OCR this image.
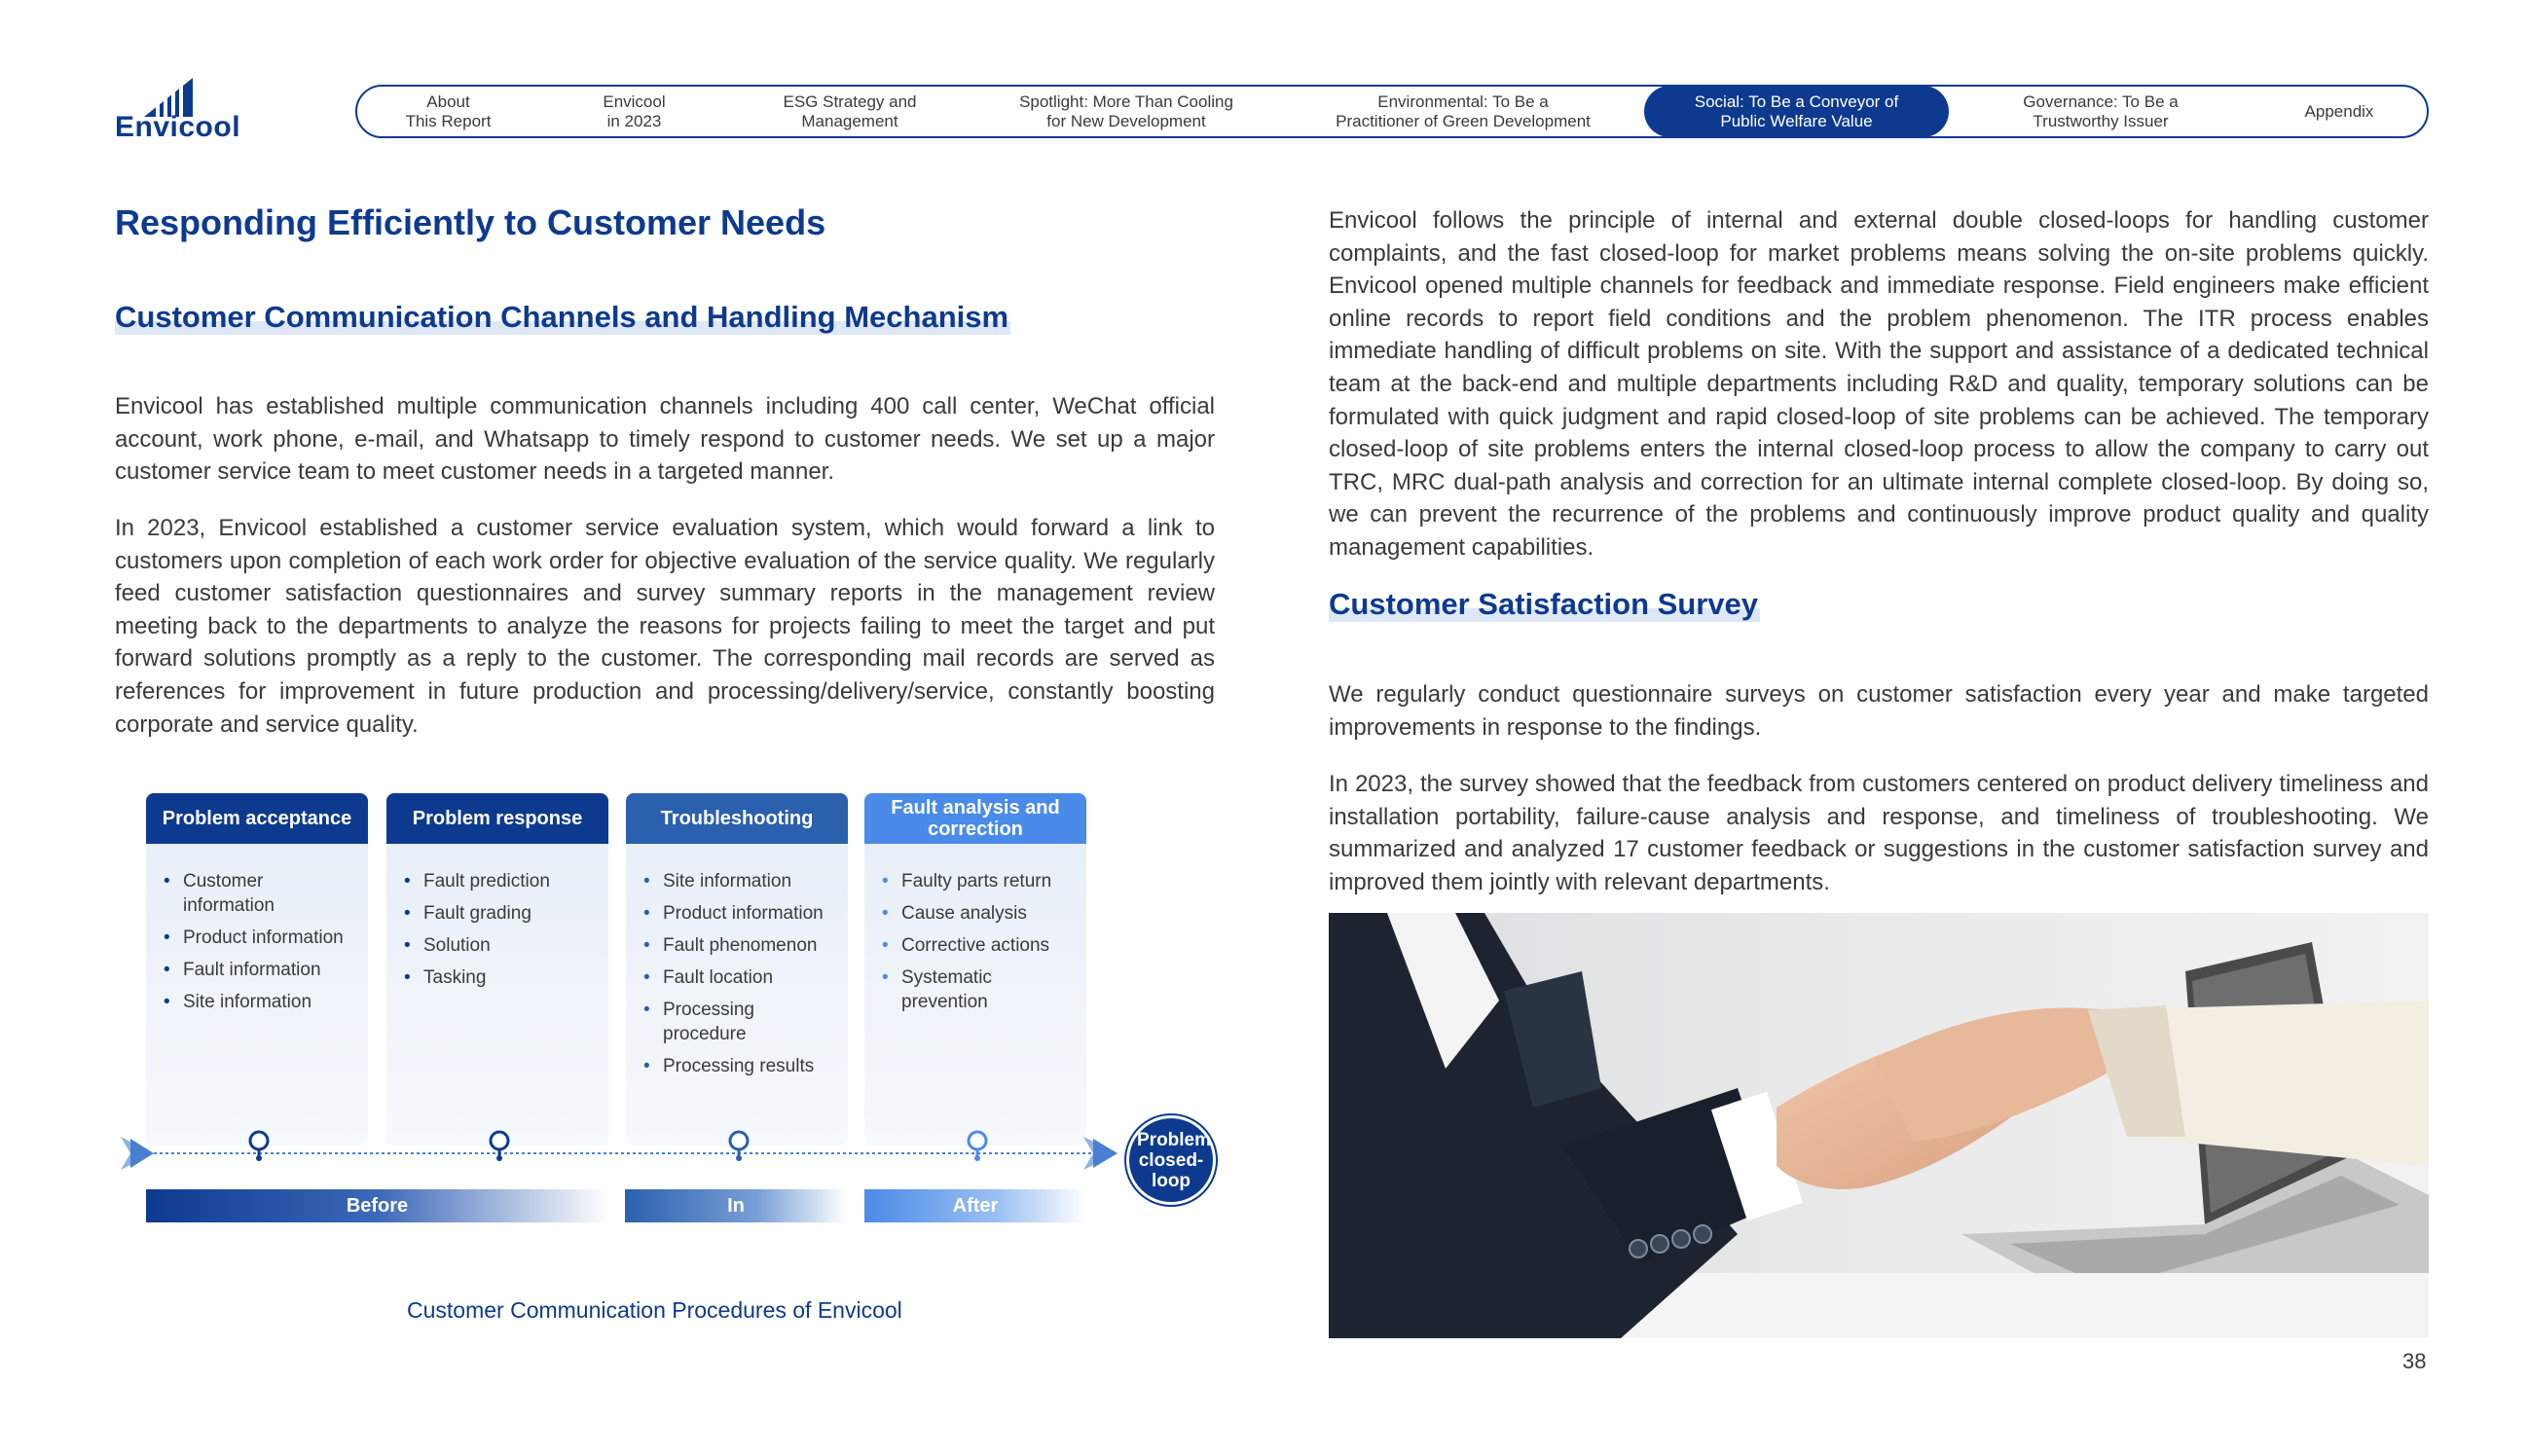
Envicool
About
This Report
Envicool
in 2023
ESG Strategy and
Management
Spotlight: More Than Cooling
for New Development
Environmental: To Be a
Practitioner of Green Development
Social: To Be a Conveyor of
Public Welfare Value
Governance: To Be a
Trustworthy Issuer
Appendix
Responding Efficiently to Customer Needs
Customer Communication Channels and Handling Mechanism
Envicool has established multiple communication channels including 400 call center, WeChat official account, work phone, e-mail, and Whatsapp to timely respond to customer needs. We set up a major customer service team to meet customer needs in a targeted manner.
In 2023, Envicool established a customer service evaluation system, which would forward a link to customers upon completion of each work order for objective evaluation of the service quality. We regularly feed customer satisfaction questionnaires and survey summary reports in the management review meeting back to the departments to analyze the reasons for projects failing to meet the target and put forward solutions promptly as a reply to the customer. The corresponding mail records are served as references for improvement in future production and processing/delivery/service, constantly boosting corporate and service quality.
Problem acceptance
• Customer information
• Product information
• Fault information
• Site information
Problem response
• Fault prediction
• Fault grading
• Solution
• Tasking
Troubleshooting
• Site information
• Product information
• Fault phenomenon
• Fault location
• Processing procedure
• Processing results
Fault analysis and correction
• Faulty parts return
• Cause analysis
• Corrective actions
• Systematic prevention
Problem closed-loop
Before	In	After
Customer Communication Procedures of Envicool
Envicool follows the principle of internal and external double closed-loops for handling customer complaints, and the fast closed-loop for market problems means solving the on-site problems quickly. Envicool opened multiple channels for feedback and immediate response. Field engineers make efficient online records to report field conditions and the problem phenomenon. The ITR process enables immediate handling of difficult problems on site. With the support and assistance of a dedicated technical team at the back-end and multiple departments including R&D and quality, temporary solutions can be formulated with quick judgment and rapid closed-loop of site problems can be achieved. The temporary closed-loop of site problems enters the internal closed-loop process to allow the company to carry out TRC, MRC dual-path analysis and correction for an ultimate internal complete closed-loop. By doing so, we can prevent the recurrence of the problems and continuously improve product quality and quality management capabilities.
Customer Satisfaction Survey
We regularly conduct questionnaire surveys on customer satisfaction every year and make targeted improvements in response to the findings.
In 2023, the survey showed that the feedback from customers centered on product delivery timeliness and installation portability, failure-cause analysis and response, and timeliness of troubleshooting. We summarized and analyzed 17 customer feedback or suggestions in the customer satisfaction survey and improved them jointly with relevant departments.
38
